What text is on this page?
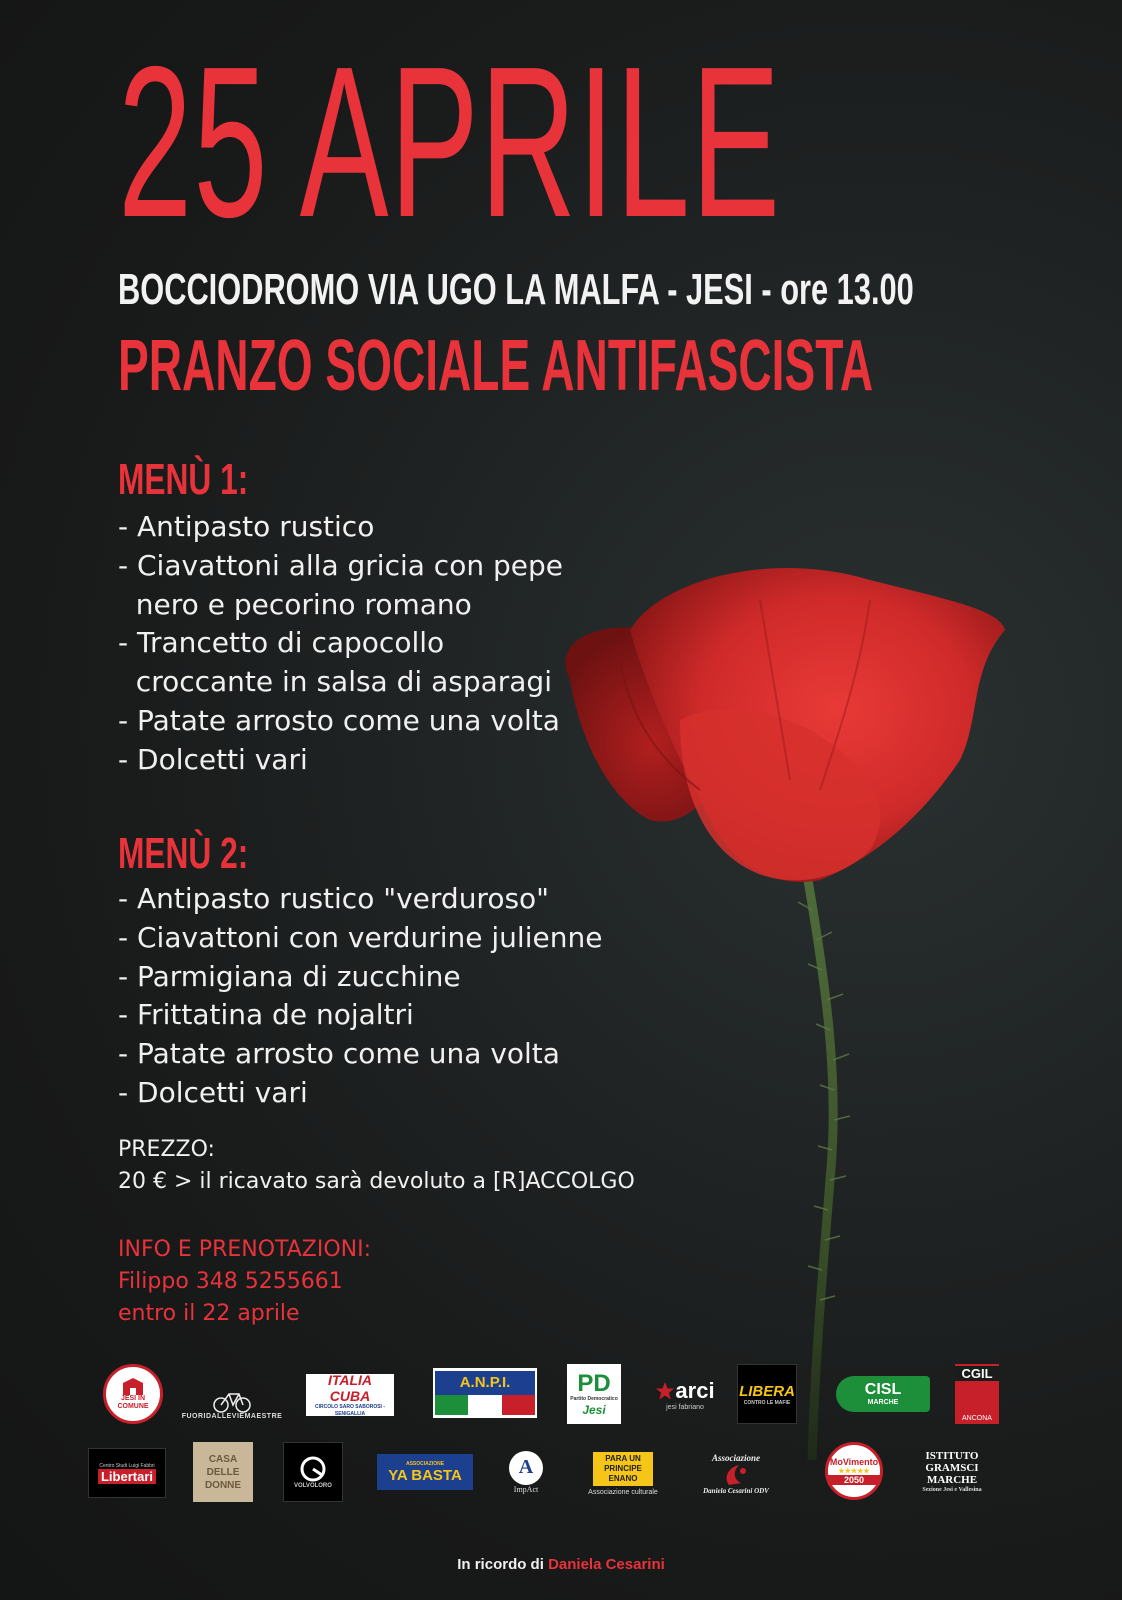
25 APRILE
BOCCIODROMO VIA UGO LA MALFA - JESI - ore 13.00
PRANZO SOCIALE ANTIFASCISTA
MENÙ 1:
- Antipasto rustico
- Ciavattoni alla gricia con pepe
nero e pecorino romano
- Trancetto di capocollo
croccante in salsa di asparagi
- Patate arrosto come una volta
- Dolcetti vari
MENÙ 2:
- Antipasto rustico "verduroso"
- Ciavattoni con verdurine julienne
- Parmigiana di zucchine
- Frittatina de nojaltri
- Patate arrosto come una volta
- Dolcetti vari
PREZZO:
20 € > il ricavato sarà devoluto a [R]ACCOLGO
INFO E PRENOTAZIONI:
Filippo 348 5255661
entro il 22 aprile
JESI IN COMUNE
FUORIDALLEVIEMAESTRE
ITALIA CUBA
CIRCOLO SARO SABOROSI - SENIGALLIA
A.N.P.I.	PD
Partito Democratico
Jesi
arci
jesi fabriano
LIBERA
CONTRO LE MAFIE
CISL
MARCHE
CGIL
ANCONA
Centro Studi Luigi Fabbri
Libertari
CASA DELLE DONNE	VOLVOLORO
ASSOCIAZIONE
YA BASTA	A
ImpAct
PARA UN PRINCIPE ENANO
Associazione culturale
Associazione
Daniela Cesarini ODV
MoVimento
★★★★★
2050
ISTITUTO
GRAMSCI
MARCHE
Sezione Jesi e Vallesina
In ricordo di Daniela Cesarini
